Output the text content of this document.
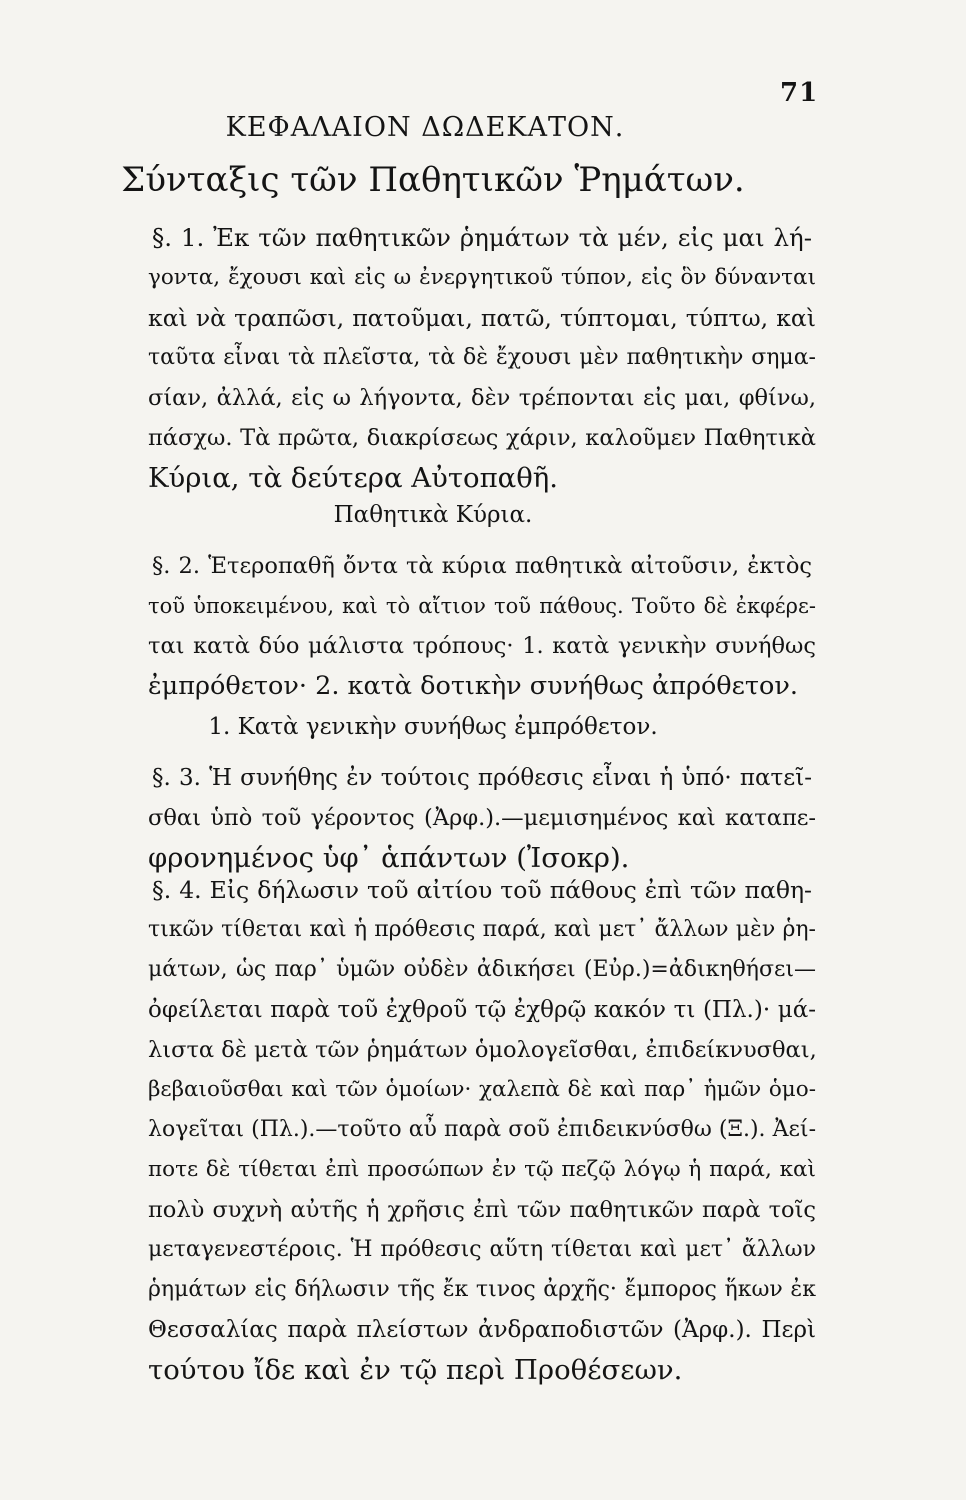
71
ΚΕΦΑΛΑΙΟΝ ΔΩΔΕΚΑΤΟΝ.
Σύνταξις τῶν Παθητικῶν Ῥημάτων.
§. 1. Ἐκ τῶν παθητικῶν ῥημάτων τὰ μέν, εἰς μαι λή-
γοντα, ἔχουσι καὶ εἰς ω ἐνεργητικοῦ τύπον, εἰς ὃν δύνανται
καὶ νὰ τραπῶσι, πατοῦμαι, πατῶ, τύπτομαι, τύπτω, καὶ
ταῦτα εἶναι τὰ πλεῖστα, τὰ δὲ ἔχουσι μὲν παθητικὴν σημα-
σίαν, ἀλλά, εἰς ω λήγοντα, δὲν τρέπονται εἰς μαι, φθίνω,
πάσχω. Τὰ πρῶτα, διακρίσεως χάριν, καλοῦμεν Παθητικὰ
Κύρια, τὰ δεύτερα Αὐτοπαθῆ.
Παθητικὰ Κύρια.
§. 2. Ἑτεροπαθῆ ὄντα τὰ κύρια παθητικὰ αἰτοῦσιν, ἐκτὸς
τοῦ ὑποκειμένου, καὶ τὸ αἴτιον τοῦ πάθους. Τοῦτο δὲ ἐκφέρε-
ται κατὰ δύο μάλιστα τρόπους· 1. κατὰ γενικὴν συνήθως
ἐμπρόθετον· 2. κατὰ δοτικὴν συνήθως ἀπρόθετον.
1. Κατὰ γενικὴν συνήθως ἐμπρόθετον.
§. 3. Ἡ συνήθης ἐν τούτοις πρόθεσις εἶναι ἡ ὑπό· πατεῖ-
σθαι ὑπὸ τοῦ γέροντος (Ἀρφ.).—μεμισημένος καὶ καταπε-
φρονημένος ὑφ᾽ ἁπάντων (Ἰσοκρ).
§. 4. Εἰς δήλωσιν τοῦ αἰτίου τοῦ πάθους ἐπὶ τῶν παθη-
τικῶν τίθεται καὶ ἡ πρόθεσις παρά, καὶ μετ᾽ ἄλλων μὲν ῥη-
μάτων, ὡς παρ᾽ ὑμῶν οὐδὲν ἀδικήσει (Εὐρ.)=ἀδικηθήσει—
ὀφείλεται παρὰ τοῦ ἐχθροῦ τῷ ἐχθρῷ κακόν τι (Πλ.)· μά-
λιστα δὲ μετὰ τῶν ῥημάτων ὁμολογεῖσθαι, ἐπιδείκνυσθαι,
βεβαιοῦσθαι καὶ τῶν ὁμοίων· χαλεπὰ δὲ καὶ παρ᾽ ἡμῶν ὁμο-
λογεῖται (Πλ.).—τοῦτο αὖ παρὰ σοῦ ἐπιδεικνύσθω (Ξ.). Ἀεί-
ποτε δὲ τίθεται ἐπὶ προσώπων ἐν τῷ πεζῷ λόγῳ ἡ παρά, καὶ
πολὺ συχνὴ αὐτῆς ἡ χρῆσις ἐπὶ τῶν παθητικῶν παρὰ τοῖς
μεταγενεστέροις. Ἡ πρόθεσις αὕτη τίθεται καὶ μετ᾽ ἄλλων
ῥημάτων εἰς δήλωσιν τῆς ἔκ τινος ἀρχῆς· ἔμπορος ἥκων ἐκ
Θεσσαλίας παρὰ πλείστων ἀνδραποδιστῶν (Ἀρφ.). Περὶ
τούτου ἴδε καὶ ἐν τῷ περὶ Προθέσεων.
